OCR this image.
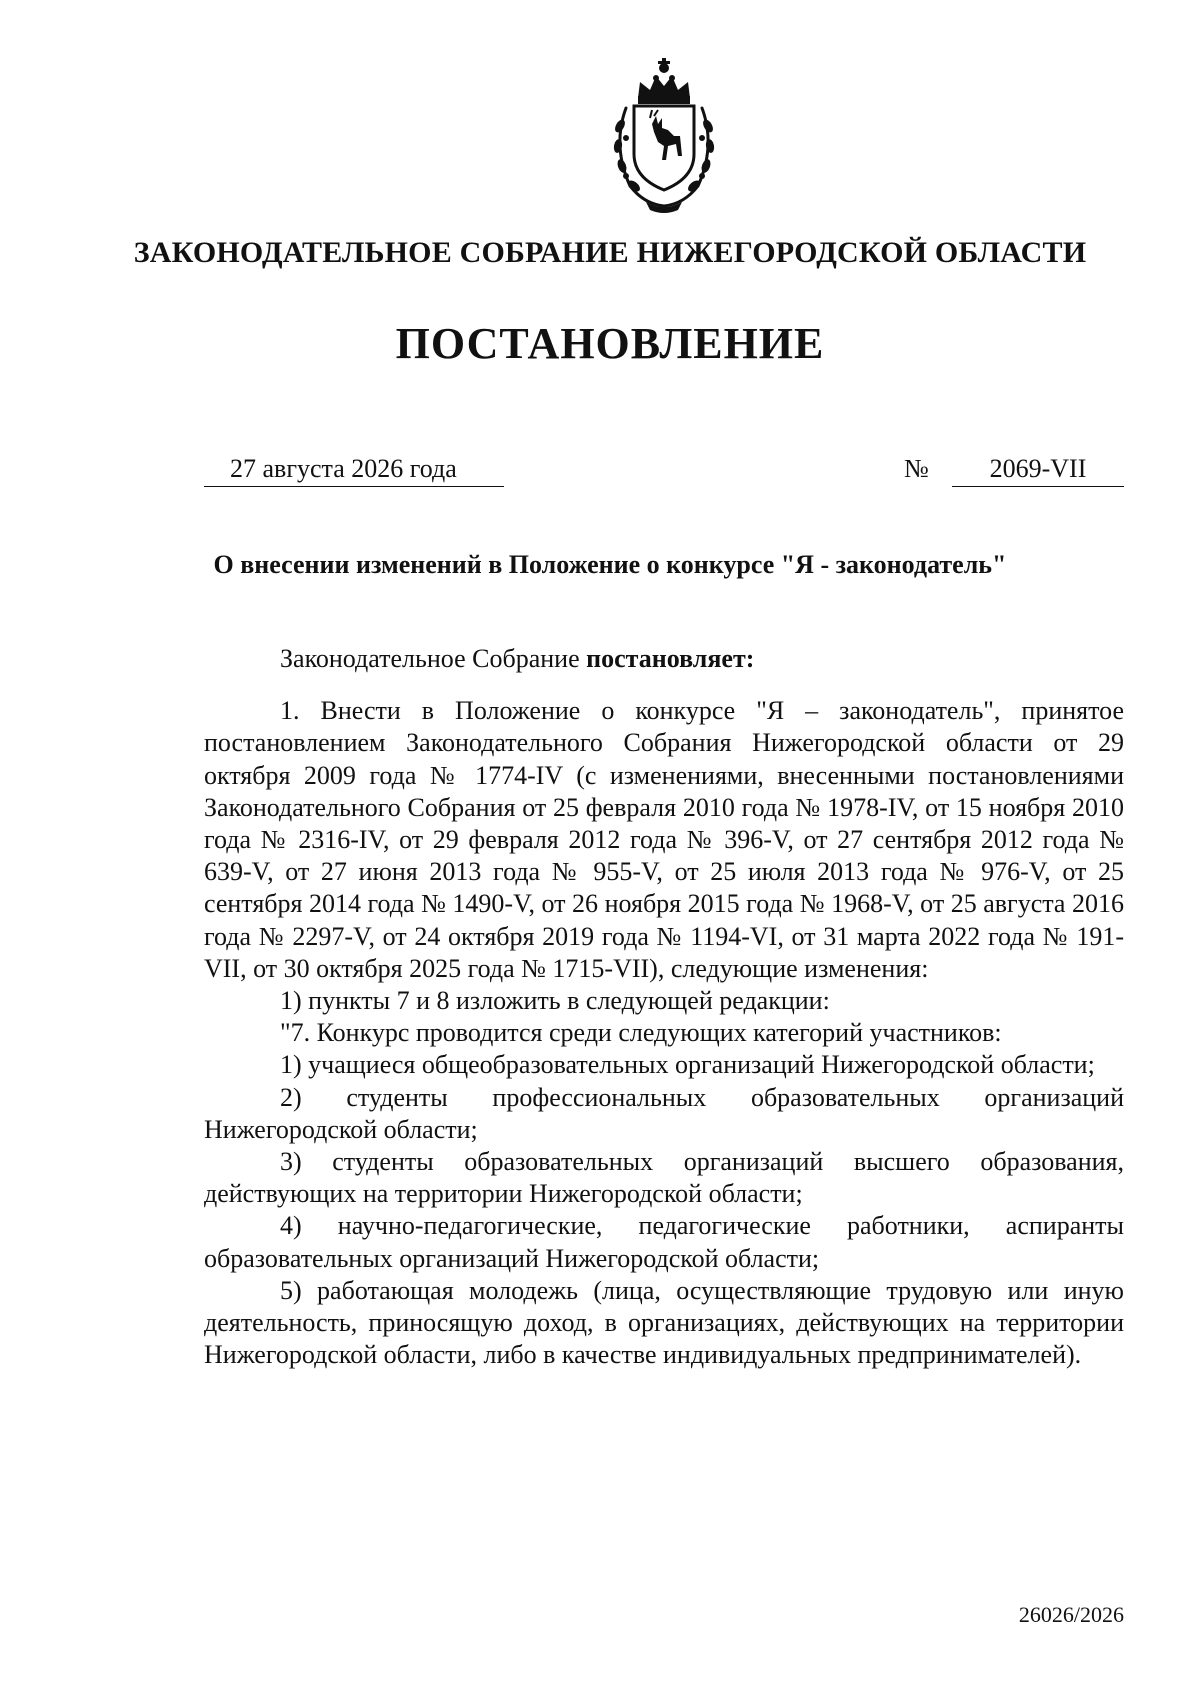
ЗАКОНОДАТЕЛЬНОЕ СОБРАНИЕ НИЖЕГОРОДСКОЙ ОБЛАСТИ
ПОСТАНОВЛЕНИЕ
27 августа 2026 года	№	2069-VII
О внесении изменений в Положение о конкурсе "Я - законодатель"

Законодательное Собрание постановляет:

1. Внести в Положение о конкурсе "Я – законодатель", принятое постановлением Законодательного Собрания Нижегородской области от 29 октября 2009 года № 1774-IV (с изменениями, внесенными постановлениями Законодательного Собрания от 25 февраля 2010 года № 1978-IV, от 15 ноября 2010 года № 2316-IV, от 29 февраля 2012 года № 396-V, от 27 сентября 2012 года № 639-V, от 27 июня 2013 года № 955-V, от 25 июля 2013 года № 976-V, от 25 сентября 2014 года № 1490-V, от 26 ноября 2015 года № 1968-V, от 25 августа 2016 года № 2297-V, от 24 октября 2019 года № 1194-VI, от 31 марта 2022 года № 191-VII, от 30 октября 2025 года № 1715-VII), следующие изменения:

1) пункты 7 и 8 изложить в следующей редакции:

"7. Конкурс проводится среди следующих категорий участников:

1) учащиеся общеобразовательных организаций Нижегородской области;

2) студенты профессиональных образовательных организаций Нижегородской области;

3) студенты образовательных организаций высшего образования, действующих на территории Нижегородской области;

4) научно-педагогические, педагогические работники, аспиранты образовательных организаций Нижегородской области;

5) работающая молодежь (лица, осуществляющие трудовую или иную деятельность, приносящую доход, в организациях, действующих на территории Нижегородской области, либо в качестве индивидуальных предпринимателей).

26026/2026
